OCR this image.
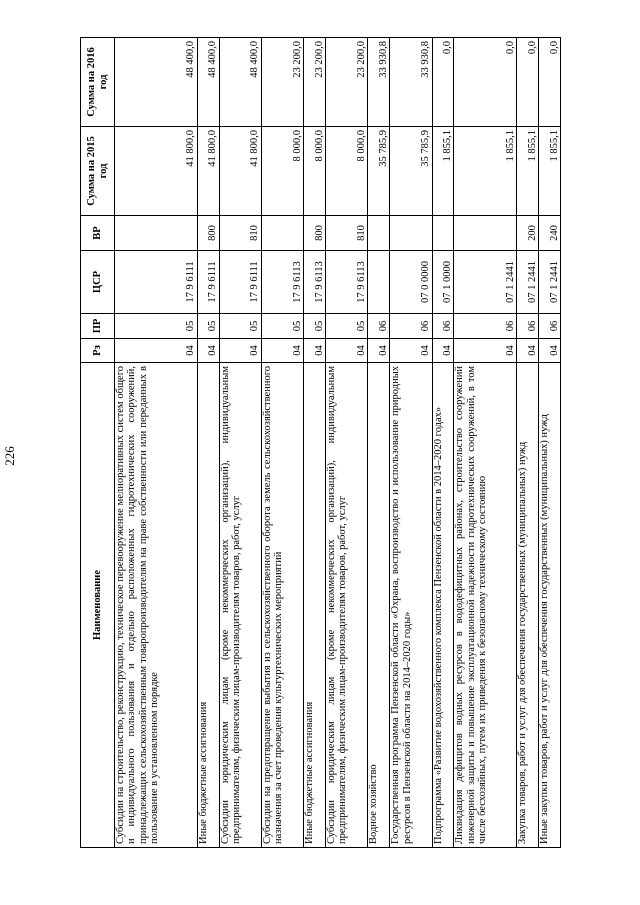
226
Наименование	Рз	ПР	ЦСР	ВР	Сумма на 2015 год	Сумма на 2016 год
Субсидии на строительство, реконструкцию, техническое перевооружение мелиоративных систем общего и индивидуального пользования и отдельно расположенных гидротехнических сооружений, принадлежащих сельскохозяйственным товаропроизводителям на праве собственности или переданных в пользование в установленном порядке	04	05	17 9 6111		41 800,0	48 400,0
Иные бюджетные ассигнования	04	05	17 9 6111	800	41 800,0	48 400,0
Субсидии юридическим лицам (кроме некоммерческих организаций), индивидуальным предпринимателям, физическим лицам-производителям товаров, работ, услуг	04	05	17 9 6111	810	41 800,0	48 400,0
Субсидии на предотвращение выбытия из сельскохозяйственного оборота земель сельскохозяйственного назначения за счет проведения культуртехнических мероприятий	04	05	17 9 6113		8 000,0	23 200,0
Иные бюджетные ассигнования	04	05	17 9 6113	800	8 000,0	23 200,0
Субсидии юридическим лицам (кроме некоммерческих организаций), индивидуальным предпринимателям, физическим лицам-производителям товаров, работ, услуг	04	05	17 9 6113	810	8 000,0	23 200,0
Водное хозяйство	04	06			35 785,9	33 930,8
Государственная программа Пензенской области «Охрана, воспроизводство и использование природных ресурсов в Пензенской области на 2014–2020 годы»	04	06	07 0 0000		35 785,9	33 930,8
Подпрограмма «Развитие водохозяйственного комплекса Пензенской области в 2014–2020 годах»	04	06	07 1 0000		1 855,1	0,0
Ликвидация дефицитов водных ресурсов в вододефицитных районах, строительство сооружений инженерной защиты и повышение эксплуатационной надежности гидротехнических сооружений, в том числе бесхозяйных, путем их приведения к безопасному техническому состоянию	04	06	07 1 2441		1 855,1	0,0
Закупка товаров, работ и услуг для обеспечения государственных (муниципальных) нужд	04	06	07 1 2441	200	1 855,1	0,0
Иные закупки товаров, работ и услуг для обеспечения государственных (муниципальных) нужд	04	06	07 1 2441	240	1 855,1	0,0
